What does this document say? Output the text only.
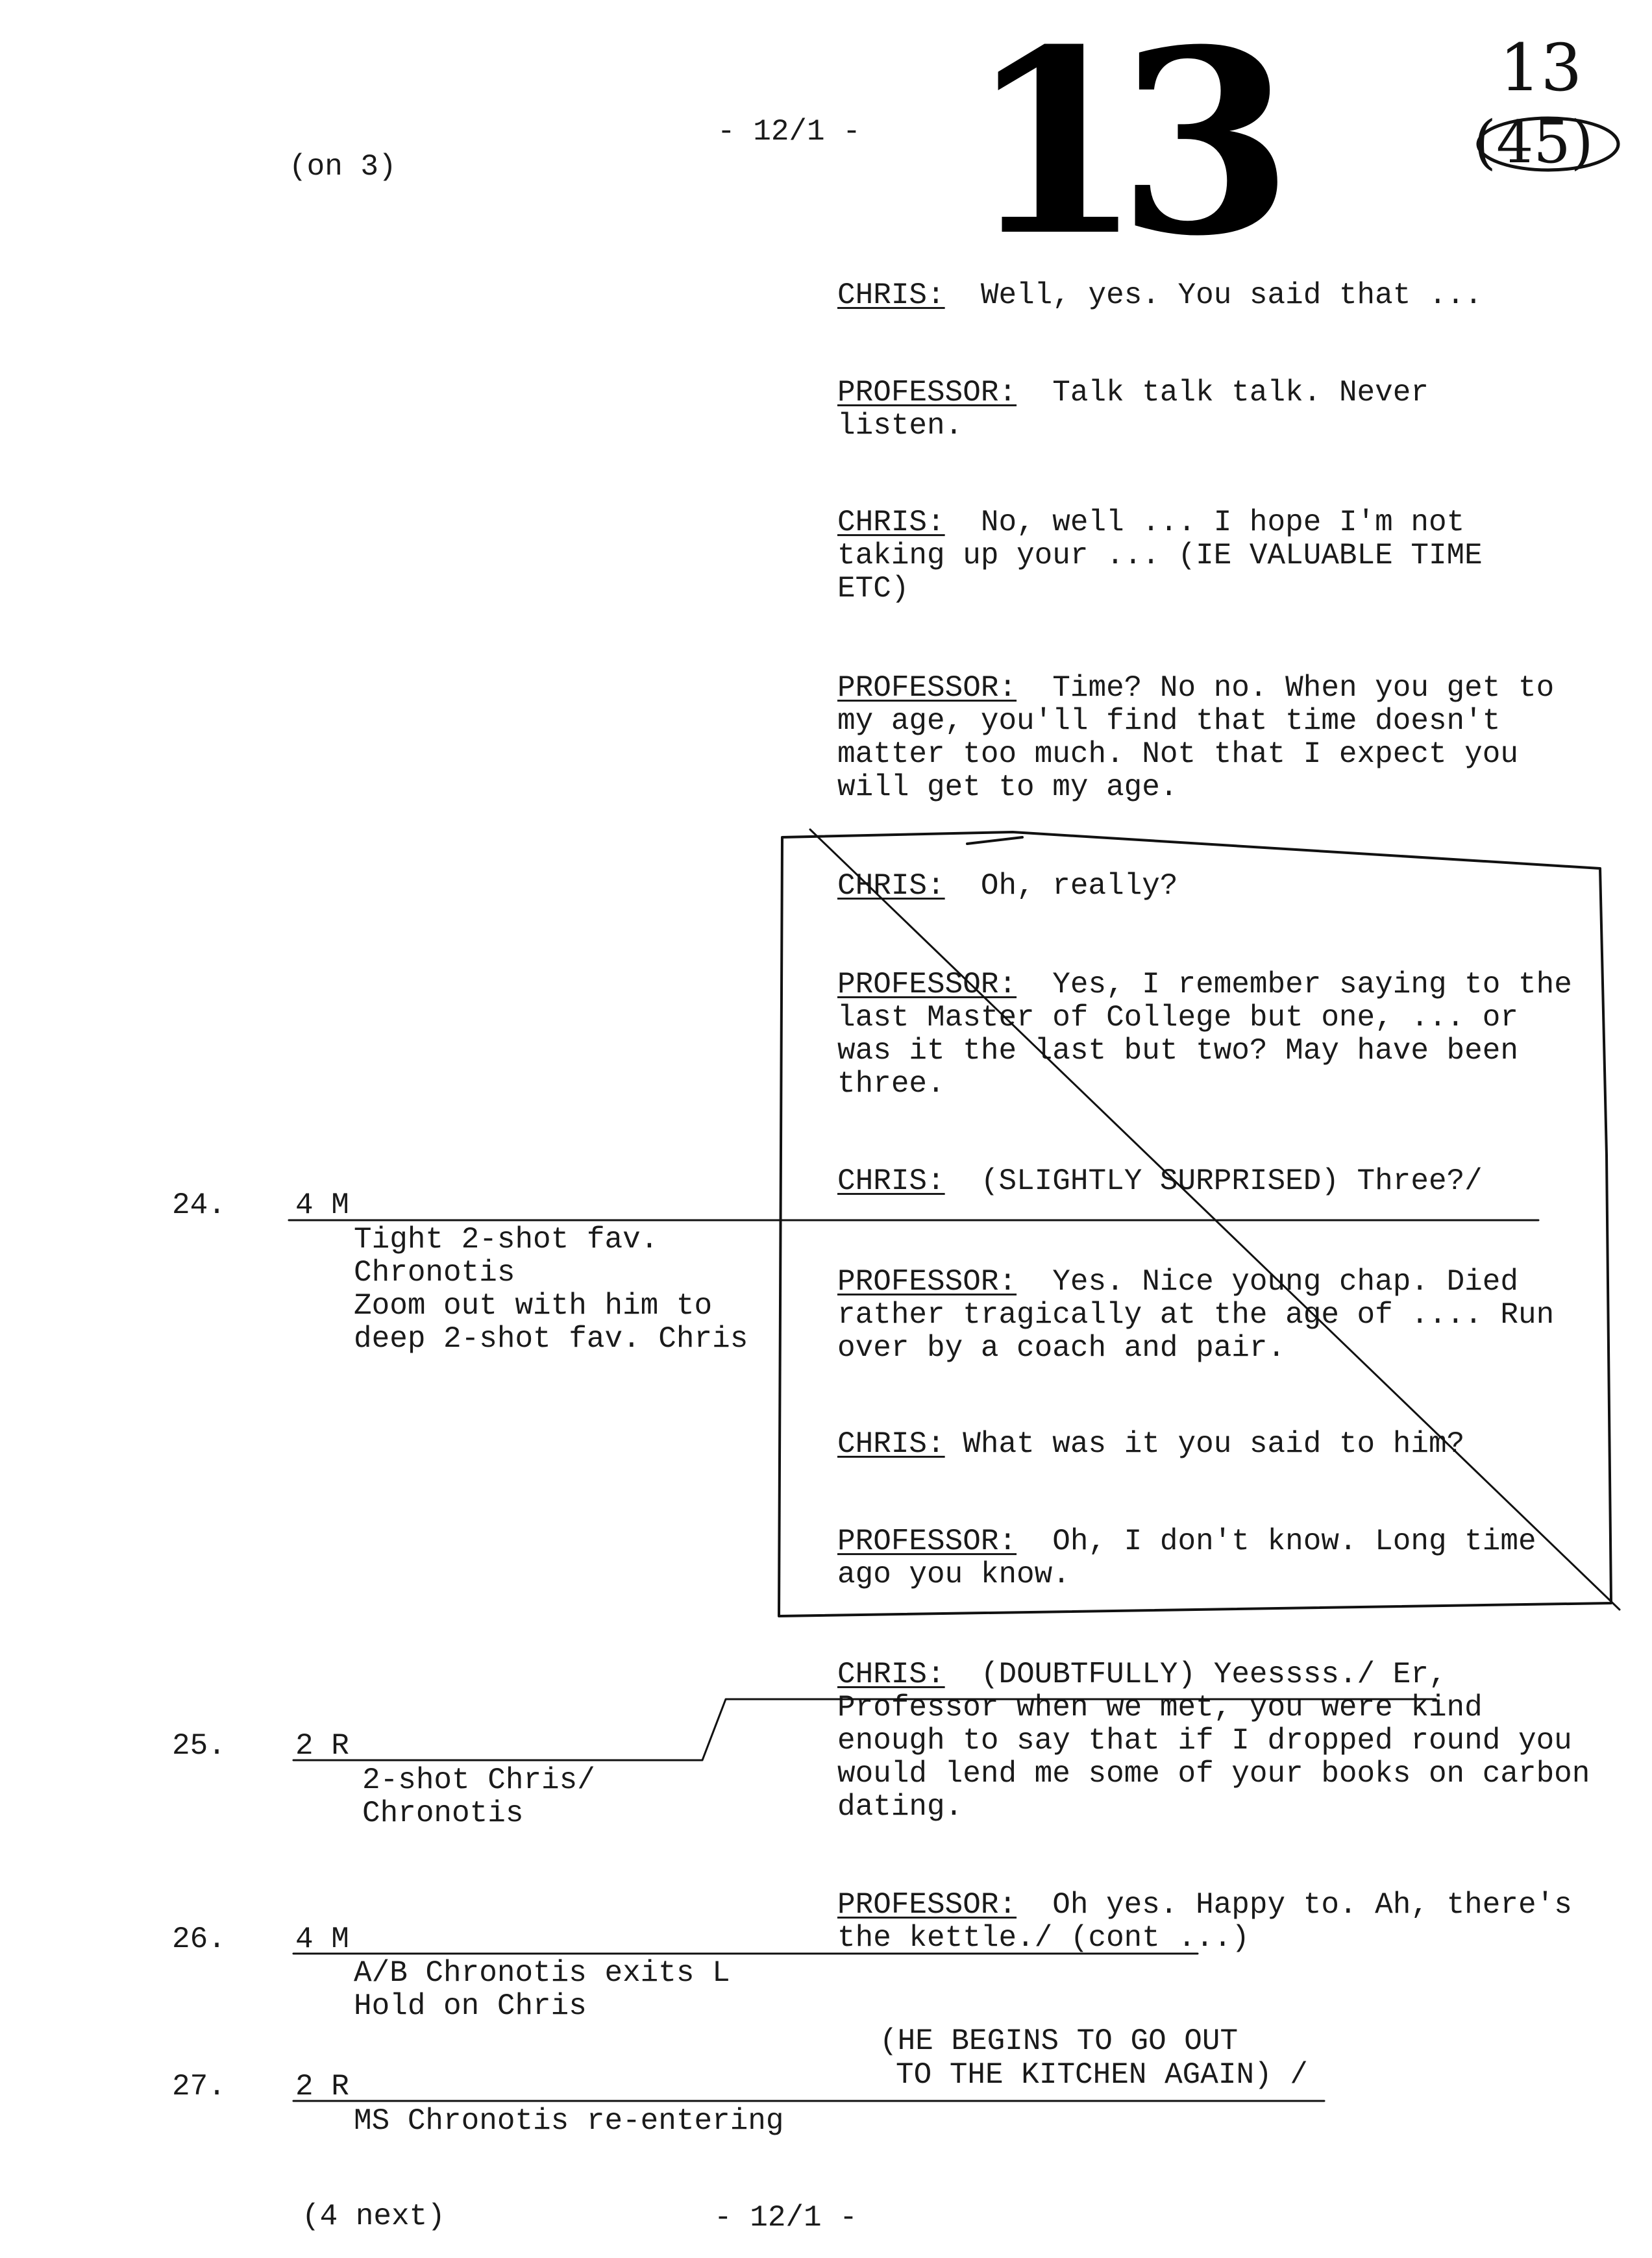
(on 3)
- 12/1 - 13	13
(45)
CHRIS: Well, yes. You said that ...
PROFESSOR: Talk talk talk. Never listen.
CHRIS: No, well ... I hope I'm not taking up your ... (IE VALUABLE TIME ETC)
PROFESSOR: Time? No no. When you get to my age, you'll find that time doesn't matter too much. Not that I expect you will get to my age.
CHRIS: Oh, really?
PROFESSOR: Yes, I remember saying to the last Master of College but one, ... or was it the last but two? May have been three.
CHRIS: (SLIGHTLY SURPRISED) Three?/
PROFESSOR: Yes. Nice young chap. Died rather tragically at the age of .... Run over by a coach and pair.
CHRIS: What was it you said to him?
PROFESSOR: Oh, I don't know. Long time ago you know.
CHRIS: (DOUBTFULLY) Yeessss./ Er, Professor when we met, you were kind enough to say that if I dropped round you would lend me some of your books on carbon dating.
PROFESSOR: Oh yes. Happy to. Ah, there's the kettle./ (cont ...)
(HE BEGINS TO GO OUT
TO THE KITCHEN AGAIN) /
24. 4 M
Tight 2-shot fav.
Chronotis
Zoom out with him to
deep 2-shot fav. Chris
25. 2 R
2-shot Chris/
Chronotis
26. 4 M
A/B Chronotis exits L
Hold on Chris
27. 2 R
MS Chronotis re-entering
(4 next)	- 12/1 -
